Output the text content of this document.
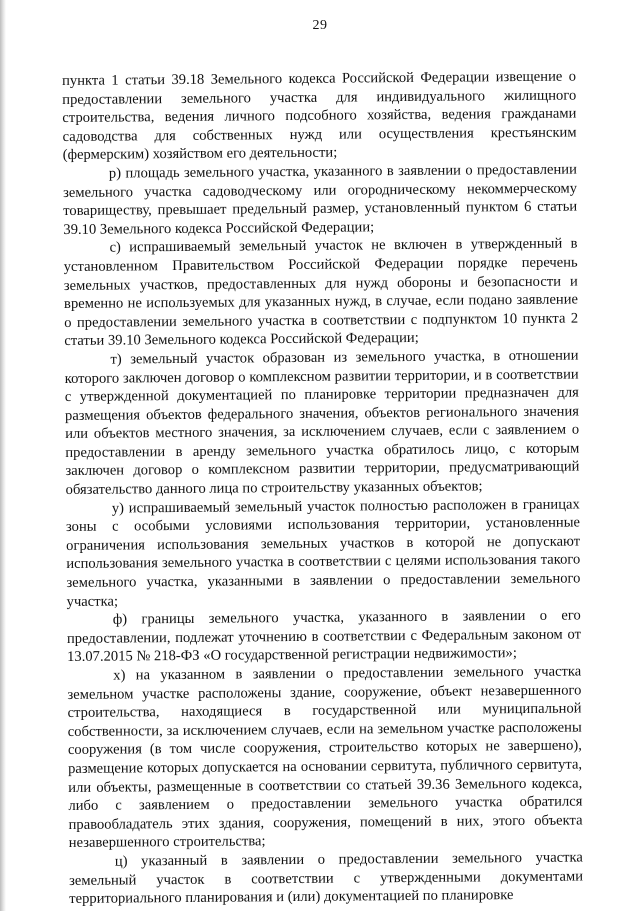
29

пункта 1 статьи 39.18 Земельного кодекса Российской Федерации извещение о предоставлении земельного участка для индивидуального жилищного строительства, ведения личного подсобного хозяйства, ведения гражданами садоводства для собственных нужд или осуществления крестьянским (фермерским) хозяйством его деятельности;

р) площадь земельного участка, указанного в заявлении о предоставлении земельного участка садоводческому или огородническому некоммерческому товариществу, превышает предельный размер, установленный пунктом 6 статьи 39.10 Земельного кодекса Российской Федерации;

с) испрашиваемый земельный участок не включен в утвержденный в установленном Правительством Российской Федерации порядке перечень земельных участков, предоставленных для нужд обороны и безопасности и временно не используемых для указанных нужд, в случае, если подано заявление о предоставлении земельного участка в соответствии с подпунктом 10 пункта 2 статьи 39.10 Земельного кодекса Российской Федерации;

т) земельный участок образован из земельного участка, в отношении которого заключен договор о комплексном развитии территории, и в соответствии с утвержденной документацией по планировке территории предназначен для размещения объектов федерального значения, объектов регионального значения или объектов местного значения, за исключением случаев, если с заявлением о предоставлении в аренду земельного участка обратилось лицо, с которым заключен договор о комплексном развитии территории, предусматривающий обязательство данного лица по строительству указанных объектов;

у) испрашиваемый земельный участок полностью расположен в границах зоны с особыми условиями использования территории, установленные ограничения использования земельных участков в которой не допускают использования земельного участка в соответствии с целями использования такого земельного участка, указанными в заявлении о предоставлении земельного участка;

ф) границы земельного участка, указанного в заявлении о его предоставлении, подлежат уточнению в соответствии с Федеральным законом от 13.07.2015 № 218-ФЗ «О государственной регистрации недвижимости»;

х) на указанном в заявлении о предоставлении земельного участка земельном участке расположены здание, сооружение, объект незавершенного строительства, находящиеся в государственной или муниципальной собственности, за исключением случаев, если на земельном участке расположены сооружения (в том числе сооружения, строительство которых не завершено), размещение которых допускается на основании сервитута, публичного сервитута, или объекты, размещенные в соответствии со статьей 39.36 Земельного кодекса, либо с заявлением о предоставлении земельного участка обратился правообладатель этих здания, сооружения, помещений в них, этого объекта незавершенного строительства;

ц) указанный в заявлении о предоставлении земельного участка земельный участок в соответствии с утвержденными документами территориального планирования и (или) документацией по планировке
